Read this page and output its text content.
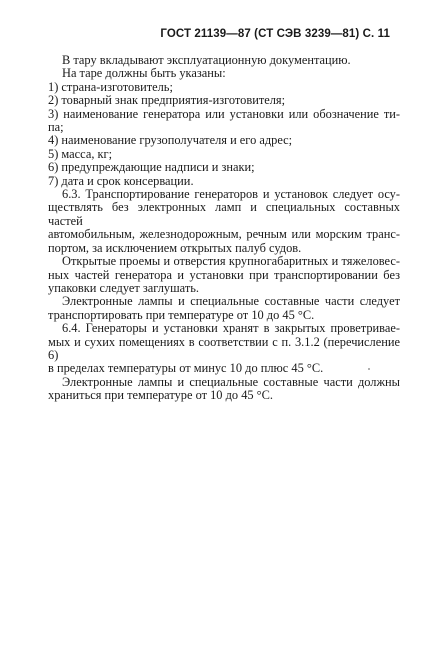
ГОСТ 21139—87 (СТ СЭВ 3239—81) С. 11

В тару вкладывают эксплуатационную документацию.

На таре должны быть указаны:

1) страна-изготовитель;

2) товарный знак предприятия-изготовителя;

3) наименование генератора или установки или обозначение ти-

па;

4) наименование грузополучателя и его адрес;

5) масса, кг;

6) предупреждающие надписи и знаки;

7) дата и срок консервации.

6.3. Транспортирование генераторов и установок следует осу-

ществлять без электронных ламп и специальных составных частей

автомобильным, железнодорожным, речным или морским транс-

портом, за исключением открытых палуб судов.

Открытые проемы и отверстия крупногабаритных и тяжеловес-

ных частей генератора и установки при транспортировании без

упаковки следует заглушать.

Электронные лампы и специальные составные части следует

транспортировать при температуре от 10 до 45 °С.

6.4. Генераторы и установки хранят в закрытых проветривае-

мых и сухих помещениях в соответствии с п. 3.1.2 (перечисление 6)

в пределах температуры от минус 10 до плюс 45 °С.

Электронные лампы и специальные составные части должны

храниться при температуре от 10 до 45 °С.
